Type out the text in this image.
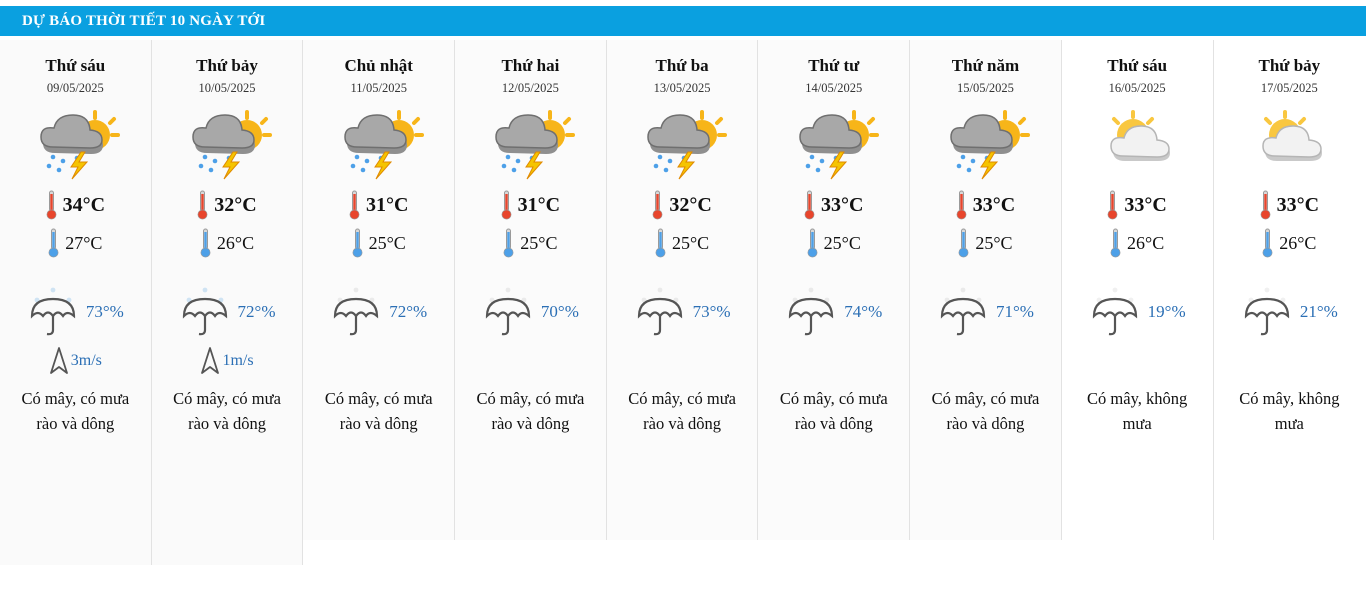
DỰ BÁO THỜI TIẾT 10 NGÀY TỚI
Thứ sáu
09/05/2025
34°C
27°C
73°%
3m/s
Có mây, có mưa rào và dông
Thứ bảy
10/05/2025
32°C
26°C
72°%
1m/s
Có mây, có mưa rào và dông
Chủ nhật
11/05/2025
31°C
25°C
72°%
Có mây, có mưa rào và dông
Thứ hai
12/05/2025
31°C
25°C
70°%
Có mây, có mưa rào và dông
Thứ ba
13/05/2025
32°C
25°C
73°%
Có mây, có mưa rào và dông
Thứ tư
14/05/2025
33°C
25°C
74°%
Có mây, có mưa rào và dông
Thứ năm
15/05/2025
33°C
25°C
71°%
Có mây, có mưa rào và dông
Thứ sáu
16/05/2025
33°C
26°C
19°%
Có mây, không mưa
Thứ bảy
17/05/2025
33°C
26°C
21°%
Có mây, không mưa
